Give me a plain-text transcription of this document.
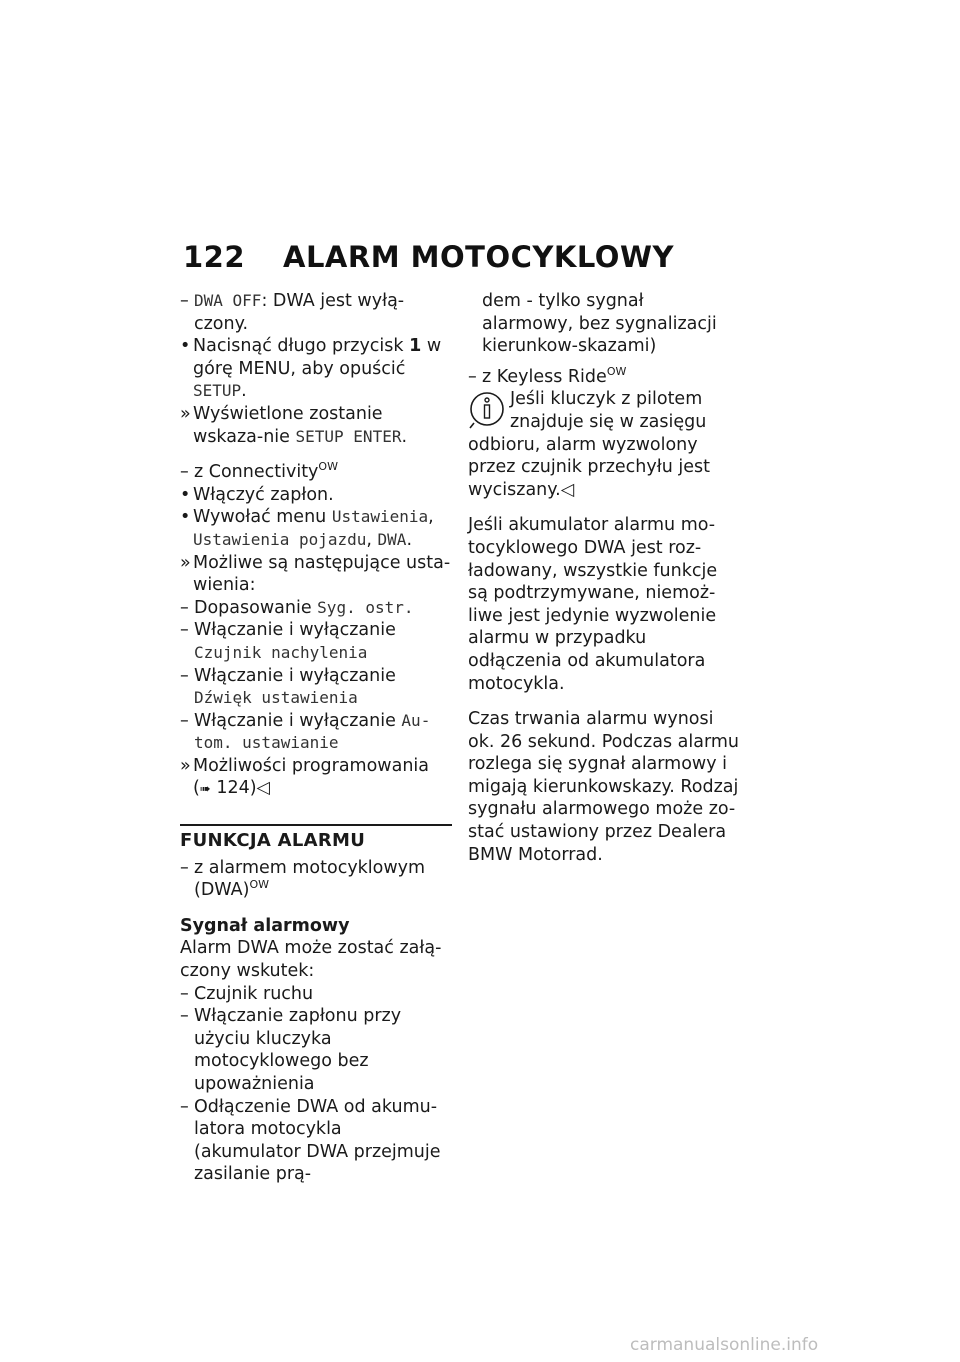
122 ALARM MOTOCYKLOWY
– DWA OFF: DWA jest wyłą-czony.
• Nacisnąć długo przycisk 1 w górę MENU, aby opuścić SETUP.
» Wyświetlone zostanie wskaza-nie SETUP ENTER.
– z Connectivity$^{OW}$
• Włączyć zapłon.
• Wywołać menu Ustawienia, Ustawienia pojazdu, DWA.
» Możliwe są następujące usta-wienia:
– Dopasowanie Syg. ostr.
– Włączanie i wyłączanie Czujnik nachylenia
– Włączanie i wyłączanie Dźwięk ustawienia
– Włączanie i wyłączanie Au-tom. ustawianie
» Możliwości programowania
(➠ 124)◁
FUNKCJA ALARMU
– z alarmem motocyklowym (DWA)$^{OW}$
Sygnał alarmowy
Alarm DWA może zostać załą-czony wskutek:
– Czujnik ruchu
– Włączanie zapłonu przy użyciu kluczyka motocyklowego bez upoważnienia
– Odłączenie DWA od akumu-latora motocykla (akumulator DWA przejmuje zasilanie prą-
dem - tylko sygnał alarmowy, bez sygnalizacji kierunkow-skazami)
– z Keyless Ride$^{OW}$
Jeśli kluczyk z pilotem znajduje się w zasięgu odbioru, alarm wyzwolony przez czujnik przechyłu jest wyciszany.◁
Jeśli akumulator alarmu mo-tocyklowego DWA jest roz-ładowany, wszystkie funkcje są podtrzymywane, niemoż-liwe jest jedynie wyzwolenie alarmu w przypadku odłączenia od akumulatora motocykla.
Czas trwania alarmu wynosi ok. 26 sekund. Podczas alarmu rozlega się sygnał alarmowy i migają kierunkowskazy. Rodzaj sygnału alarmowego może zo-stać ustawiony przez Dealera BMW Motorrad.
carmanualsonline.info
